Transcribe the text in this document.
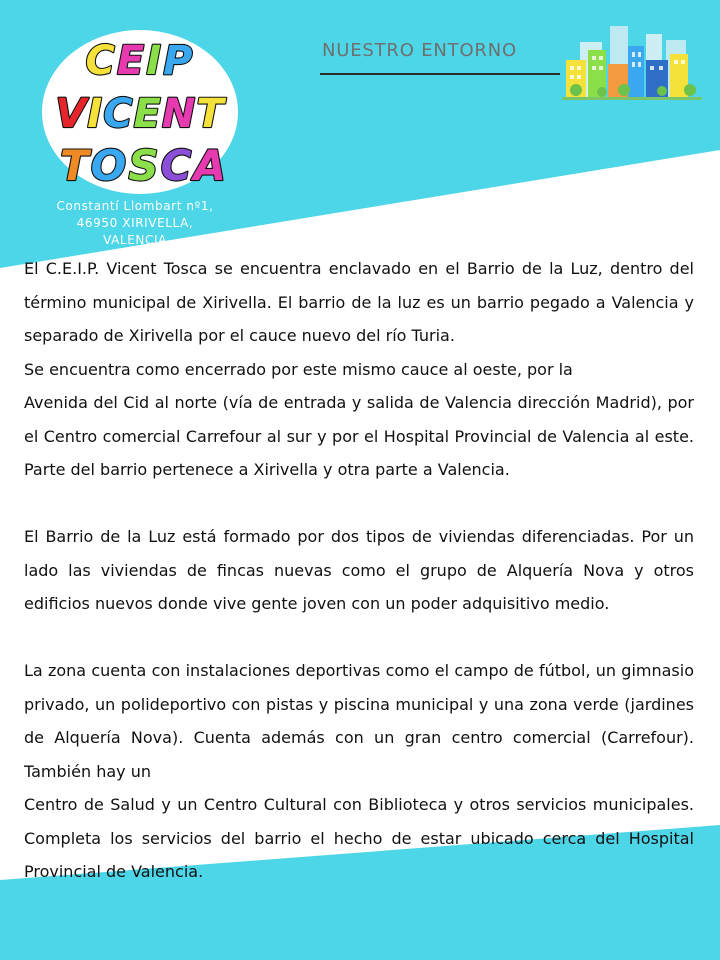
CEIP
VICENT
TOSCA
Constantí Llombart nº1,
46950 XIRIVELLA,
VALENCIA
NUESTRO ENTORNO

El C.E.I.P. Vicent Tosca se encuentra enclavado en el Barrio de la Luz, dentro del término municipal de Xirivella. El barrio de la luz es un barrio pegado a Valencia y separado de Xirivella por el cauce nuevo del río Turia.

Se encuentra como encerrado por este mismo cauce al oeste, por la

Avenida del Cid al norte (vía de entrada y salida de Valencia dirección Madrid), por el Centro comercial Carrefour al sur y por el Hospital Provincial de Valencia al este. Parte del barrio pertenece a Xirivella y otra parte a Valencia.

El Barrio de la Luz está formado por dos tipos de viviendas diferenciadas. Por un lado las viviendas de fincas nuevas como el grupo de Alquería Nova y otros edificios nuevos donde vive gente joven con un poder adquisitivo medio.

La zona cuenta con instalaciones deportivas como el campo de fútbol, un gimnasio privado, un polideportivo con pistas y piscina municipal y una zona verde (jardines de Alquería Nova). Cuenta además con un gran centro comercial (Carrefour). También hay un

Centro de Salud y un Centro Cultural con Biblioteca y otros servicios municipales. Completa los servicios del barrio el hecho de estar ubicado cerca del Hospital Provincial de Valencia.
